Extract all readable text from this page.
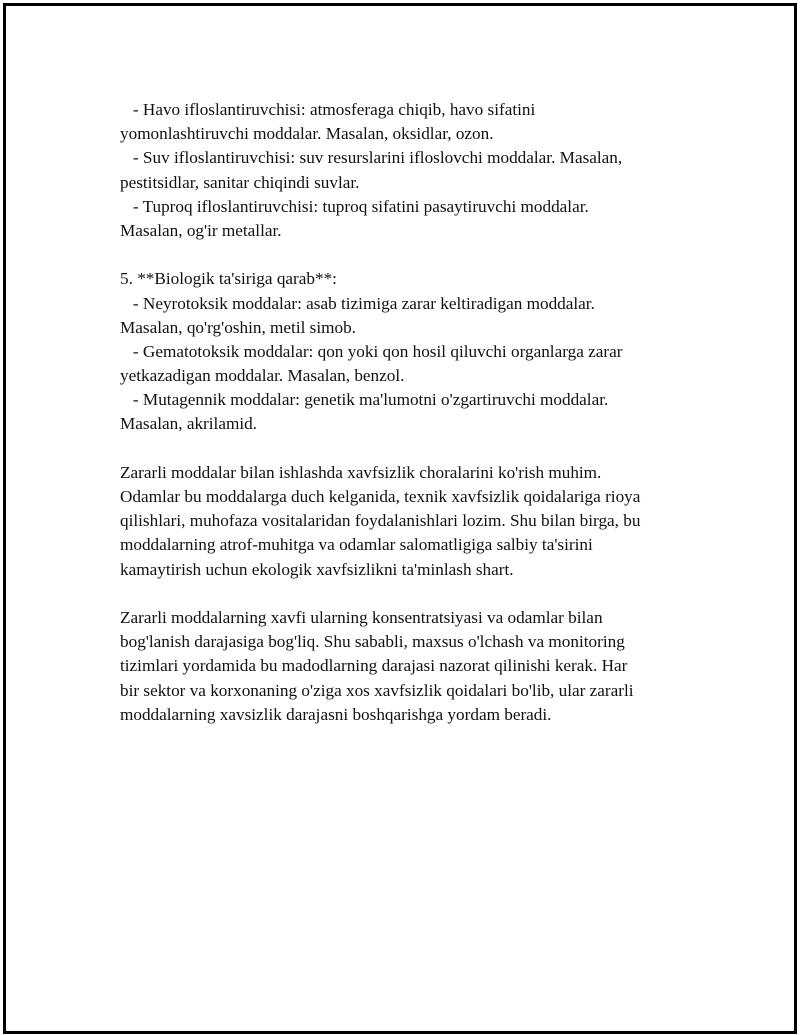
- Havo ifloslantiruvchisi: atmosferaga chiqib, havo sifatini
yomonlashtiruvchi moddalar. Masalan, oksidlar, ozon.
- Suv ifloslantiruvchisi: suv resurslarini ifloslovchi moddalar. Masalan,
pestitsidlar, sanitar chiqindi suvlar.
- Tuproq ifloslantiruvchisi: tuproq sifatini pasaytiruvchi moddalar.
Masalan, og'ir metallar.
5. **Biologik ta'siriga qarab**:
- Neyrotoksik moddalar: asab tizimiga zarar keltiradigan moddalar.
Masalan, qo'rg'oshin, metil simob.
- Gematotoksik moddalar: qon yoki qon hosil qiluvchi organlarga zarar
yetkazadigan moddalar. Masalan, benzol.
- Mutagennik moddalar: genetik ma'lumotni o'zgartiruvchi moddalar.
Masalan, akrilamid.
Zararli moddalar bilan ishlashda xavfsizlik choralarini ko'rish muhim.
Odamlar bu moddalarga duch kelganida, texnik xavfsizlik qoidalariga rioya
qilishlari, muhofaza vositalaridan foydalanishlari lozim. Shu bilan birga, bu
moddalarning atrof-muhitga va odamlar salomatligiga salbiy ta'sirini
kamaytirish uchun ekologik xavfsizlikni ta'minlash shart.
Zararli moddalarning xavfi ularning konsentratsiyasi va odamlar bilan
bog'lanish darajasiga bog'liq. Shu sababli, maxsus o'lchash va monitoring
tizimlari yordamida bu madodlarning darajasi nazorat qilinishi kerak. Har
bir sektor va korxonaning o'ziga xos xavfsizlik qoidalari bo'lib, ular zararli
moddalarning xavsizlik darajasni boshqarishga yordam beradi.
